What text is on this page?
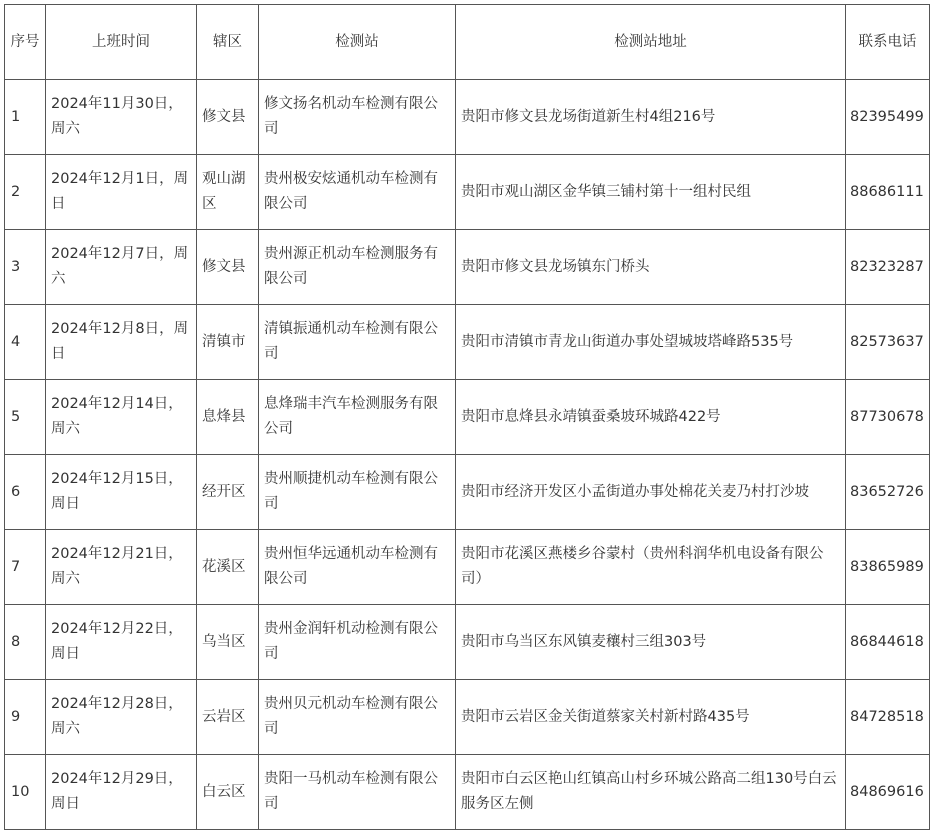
序号	上班时间	辖区	检测站	检测站地址	联系电话
1	2024年11月30日，周六	修文县	修文扬名机动车检测有限公司	贵阳市修文县龙场街道新生村4组216号	82395499
2	2024年12月1日，周日	观山湖区	贵州极安炫通机动车检测有限公司	贵阳市观山湖区金华镇三铺村第十一组村民组	88686111
3	2024年12月7日，周六	修文县	贵州源正机动车检测服务有限公司	贵阳市修文县龙场镇东门桥头	82323287
4	2024年12月8日，周日	清镇市	清镇振通机动车检测有限公司	贵阳市清镇市青龙山街道办事处望城坡塔峰路535号	82573637
5	2024年12月14日，周六	息烽县	息烽瑞丰汽车检测服务有限公司	贵阳市息烽县永靖镇蚕桑坡环城路422号	87730678
6	2024年12月15日，周日	经开区	贵州顺捷机动车检测有限公司	贵阳市经济开发区小孟街道办事处棉花关麦乃村打沙坡	83652726
7	2024年12月21日，周六	花溪区	贵州恒华远通机动车检测有限公司	贵阳市花溪区燕楼乡谷蒙村（贵州科润华机电设备有限公司）	83865989
8	2024年12月22日，周日	乌当区	贵州金润轩机动检测有限公司	贵阳市乌当区东风镇麦穰村三组303号	86844618
9	2024年12月28日，周六	云岩区	贵州贝元机动车检测有限公司	贵阳市云岩区金关街道蔡家关村新村路435号	84728518
10	2024年12月29日，周日	白云区	贵阳一马机动车检测有限公司	贵阳市白云区艳山红镇高山村乡环城公路高二组130号白云服务区左侧	84869616
